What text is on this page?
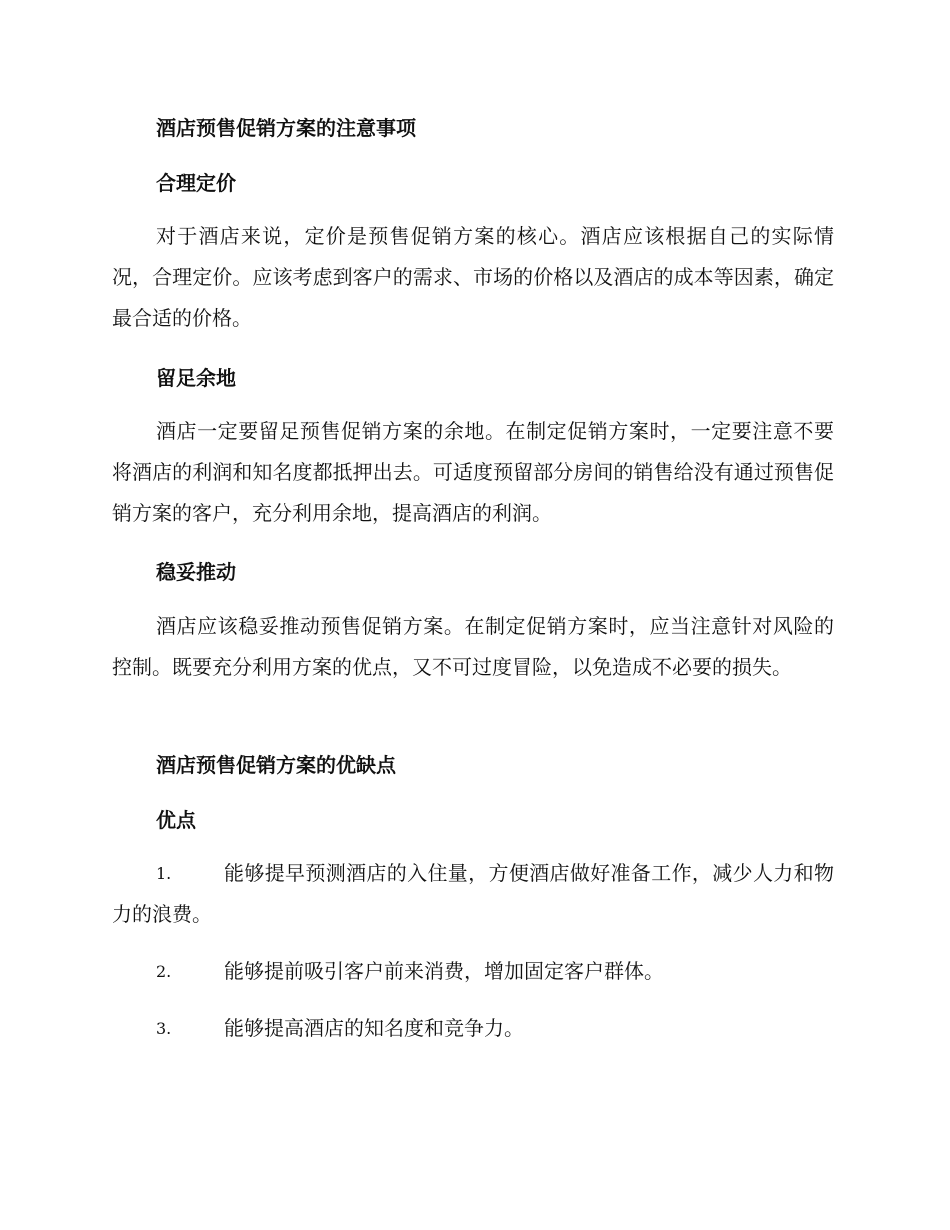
酒店预售促销方案的注意事项
合理定价
对于酒店来说，定价是预售促销方案的核心。酒店应该根据自己的实际情况，合理定价。应该考虑到客户的需求、市场的价格以及酒店的成本等因素，确定最合适的价格。
留足余地
酒店一定要留足预售促销方案的余地。在制定促销方案时，一定要注意不要将酒店的利润和知名度都抵押出去。可适度预留部分房间的销售给没有通过预售促销方案的客户，充分利用余地，提高酒店的利润。
稳妥推动
酒店应该稳妥推动预售促销方案。在制定促销方案时，应当注意针对风险的控制。既要充分利用方案的优点，又不可过度冒险，以免造成不必要的损失。
酒店预售促销方案的优缺点
优点
1.	能够提早预测酒店的入住量，方便酒店做好准备工作，减少人力和物力的浪费。
2.	能够提前吸引客户前来消费，增加固定客户群体。
3.	能够提高酒店的知名度和竞争力。
